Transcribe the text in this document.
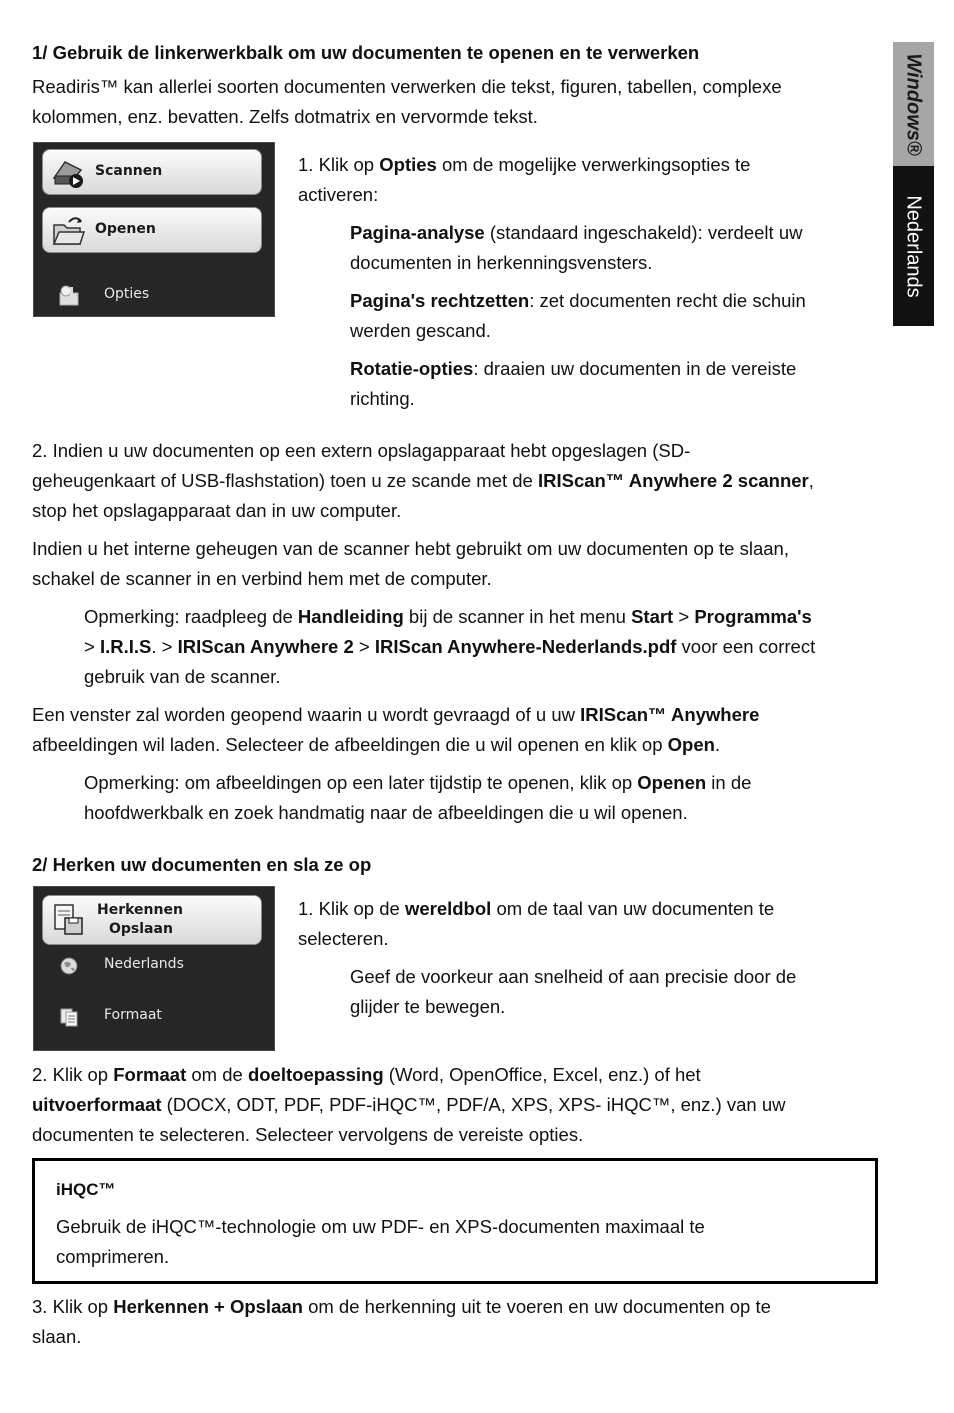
Windows®
Nederlands

1/ Gebruik de linkerwerkbalk om uw documenten te openen en te verwerken

Readiris™ kan allerlei soorten documenten verwerken die tekst, figuren, tabellen, complexe

kolommen, enz. bevatten. Zelfs dotmatrix en vervormde tekst.

Scannen
Openen
Opties

1. Klik op Opties om de mogelijke verwerkingsopties te

activeren:

Pagina-analyse (standaard ingeschakeld): verdeelt uw

documenten in herkenningsvensters.

Pagina's rechtzetten: zet documenten recht die schuin

werden gescand.

Rotatie-opties: draaien uw documenten in de vereiste

richting.

2. Indien u uw documenten op een extern opslagapparaat hebt opgeslagen (SD-

geheugenkaart of USB-flashstation) toen u ze scande met de IRIScan™ Anywhere 2 scanner,

stop het opslagapparaat dan in uw computer.

Indien u het interne geheugen van de scanner hebt gebruikt om uw documenten op te slaan,

schakel de scanner in en verbind hem met de computer.

Opmerking: raadpleeg de Handleiding bij de scanner in het menu Start > Programma's

> I.R.I.S. > IRIScan Anywhere 2 > IRIScan Anywhere-Nederlands.pdf voor een correct

gebruik van de scanner.

Een venster zal worden geopend waarin u wordt gevraagd of u uw IRIScan™ Anywhere

afbeeldingen wil laden. Selecteer de afbeeldingen die u wil openen en klik op Open.

Opmerking: om afbeeldingen op een later tijdstip te openen, klik op Openen in de

hoofdwerkbalk en zoek handmatig naar de afbeeldingen die u wil openen.

2/ Herken uw documenten en sla ze op

Herkennen
Opslaan
Nederlands
Formaat

1. Klik op de wereldbol om de taal van uw documenten te

selecteren.

Geef de voorkeur aan snelheid of aan precisie door de

glijder te bewegen.

2. Klik op Formaat om de doeltoepassing (Word, OpenOffice, Excel, enz.) of het

uitvoerformaat (DOCX, ODT, PDF, PDF-iHQC™, PDF/A, XPS, XPS- iHQC™, enz.) van uw

documenten te selecteren. Selecteer vervolgens de vereiste opties.

iHQC™

Gebruik de iHQC™-technologie om uw PDF- en XPS-documenten maximaal te

comprimeren.

3. Klik op Herkennen + Opslaan om de herkenning uit te voeren en uw documenten op te

slaan.
